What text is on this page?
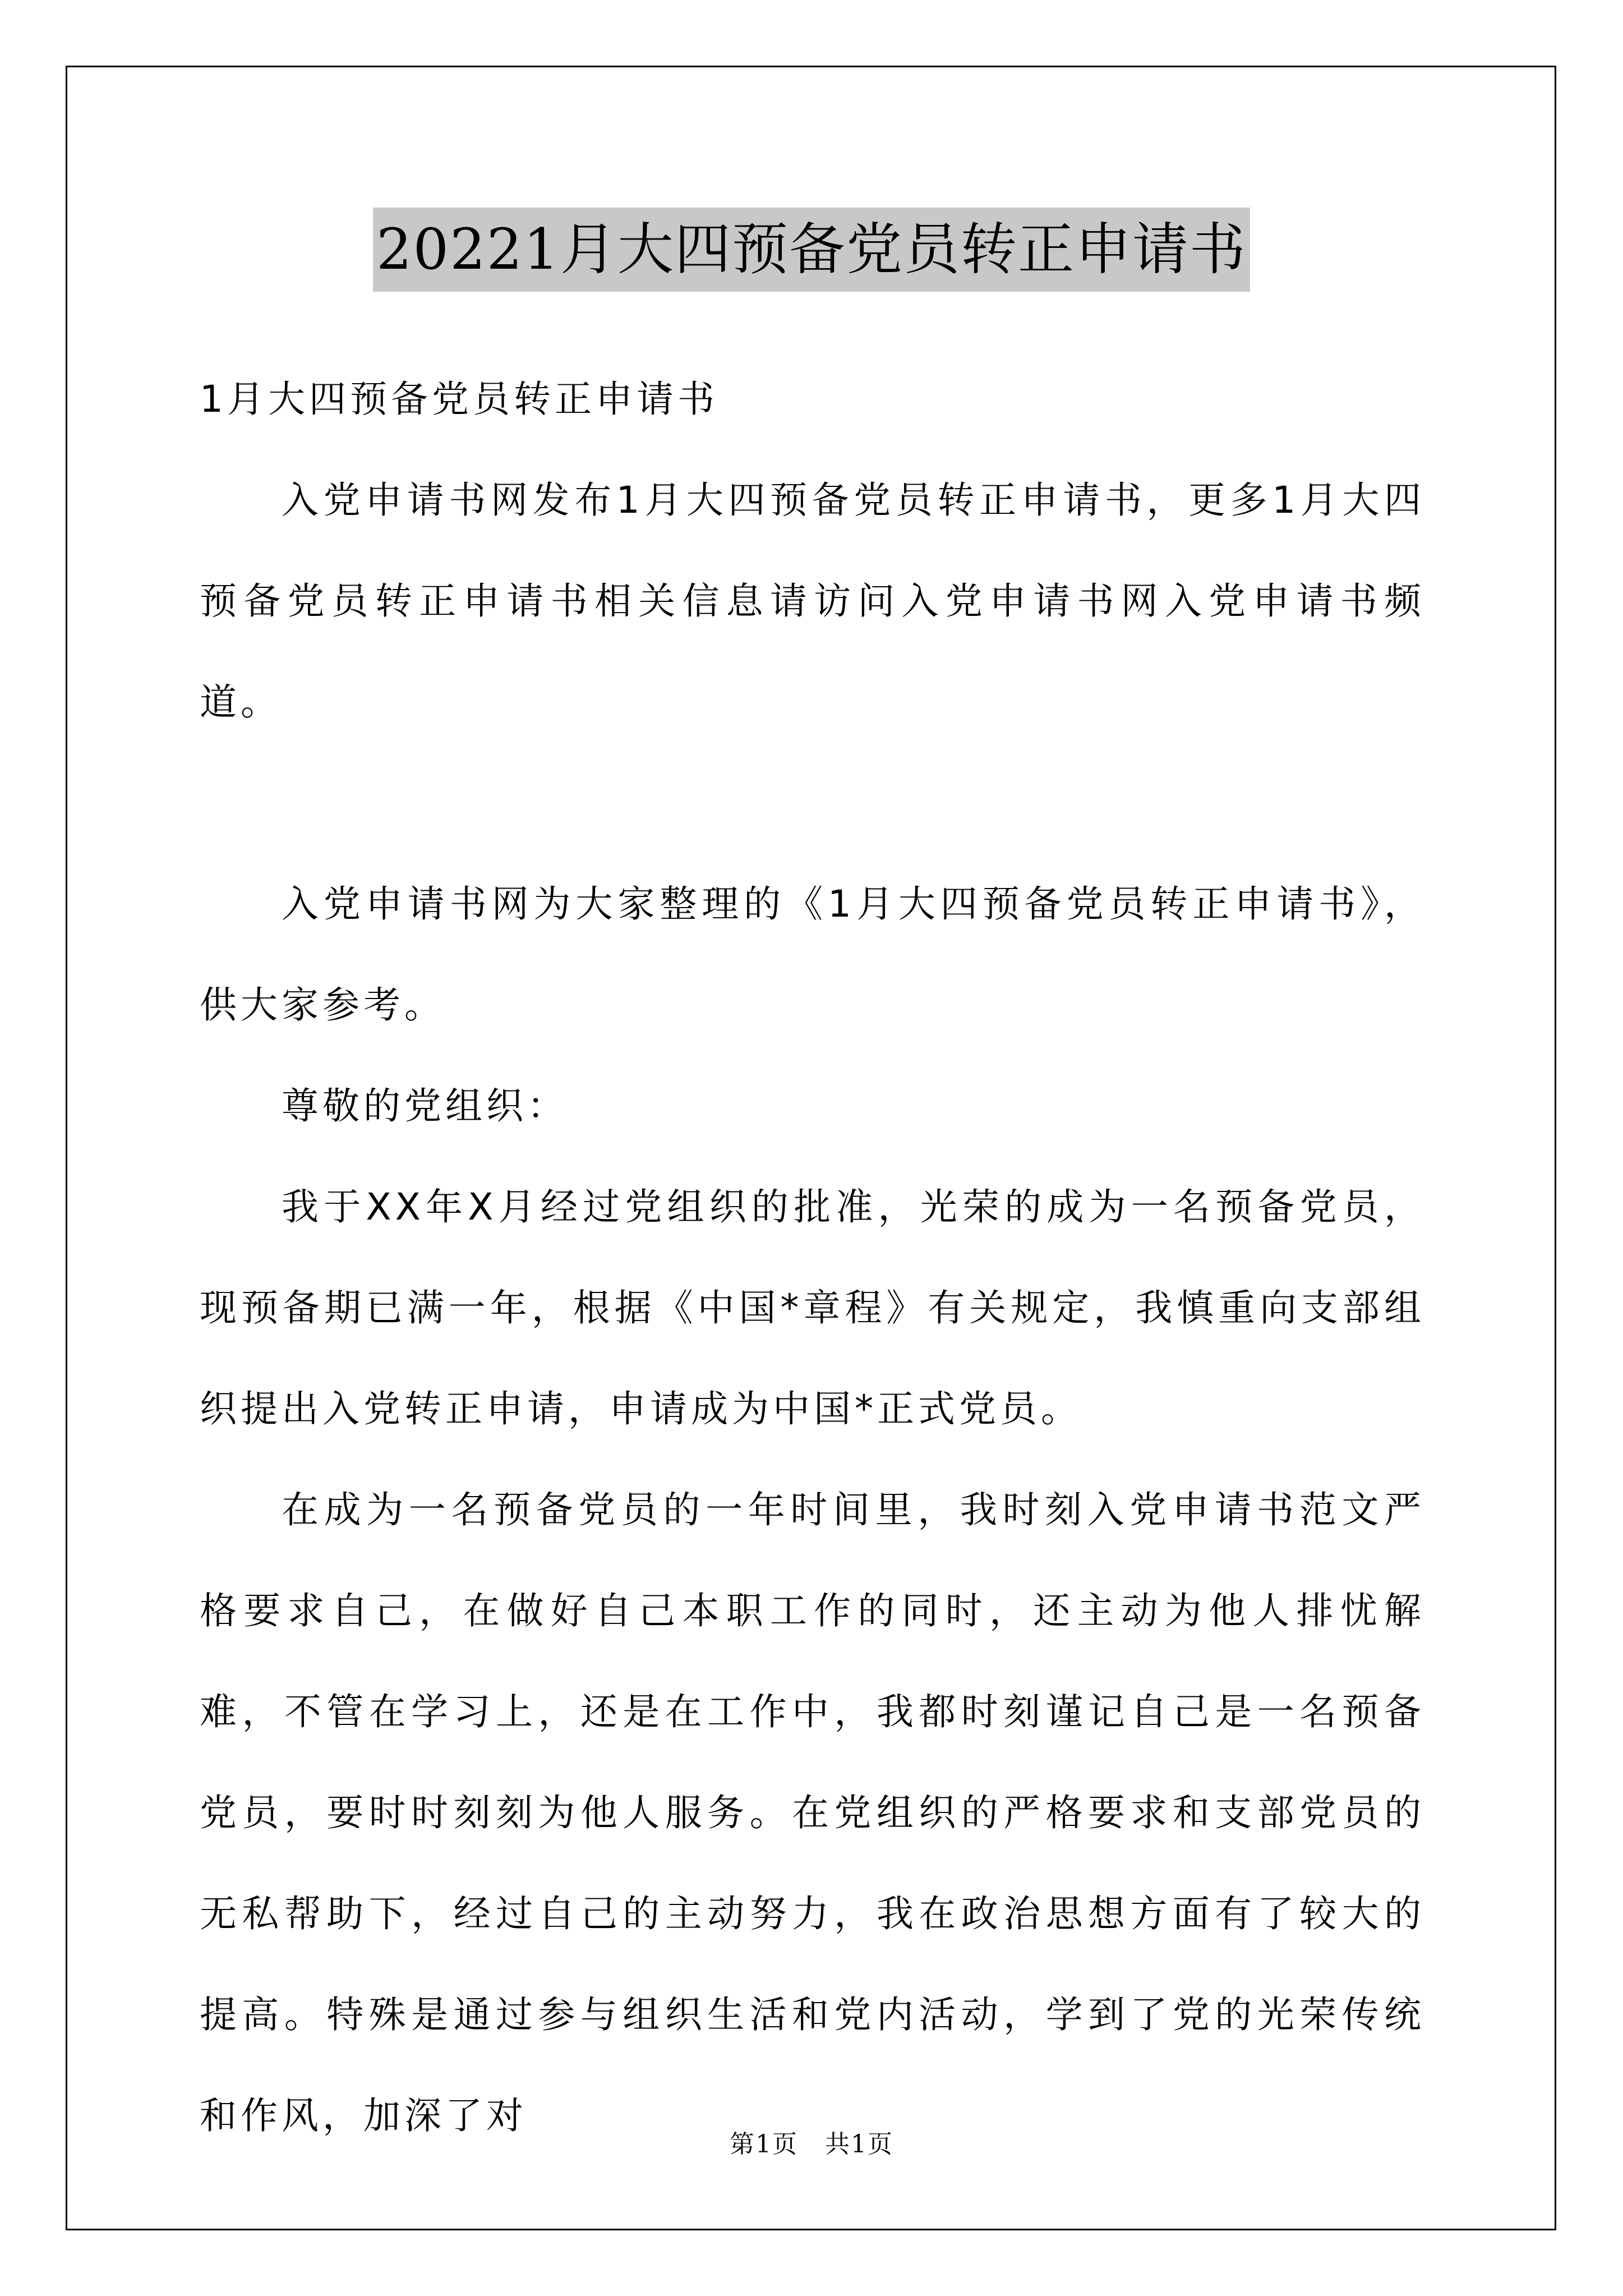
20221月大四预备党员转正申请书

1月大四预备党员转正申请书

入党申请书网发布1月大四预备党员转正申请书，更多1月大四预备党员转正申请书相关信息请访问入党申请书网入党申请书频道。

入党申请书网为大家整理的《1月大四预备党员转正申请书》，供大家参考。

尊敬的党组织：

我于XX年X月经过党组织的批准，光荣的成为一名预备党员，现预备期已满一年，根据《中国*章程》有关规定，我慎重向支部组织提出入党转正申请，申请成为中国*正式党员。

在成为一名预备党员的一年时间里，我时刻入党申请书范文严格要求自己，在做好自己本职工作的同时，还主动为他人排忧解难，不管在学习上，还是在工作中，我都时刻谨记自己是一名预备党员，要时时刻刻为他人服务。在党组织的严格要求和支部党员的无私帮助下，经过自己的主动努力，我在政治思想方面有了较大的提高。特殊是通过参与组织生活和党内活动，学到了党的光荣传统和作风，加深了对

第1页 共1页
